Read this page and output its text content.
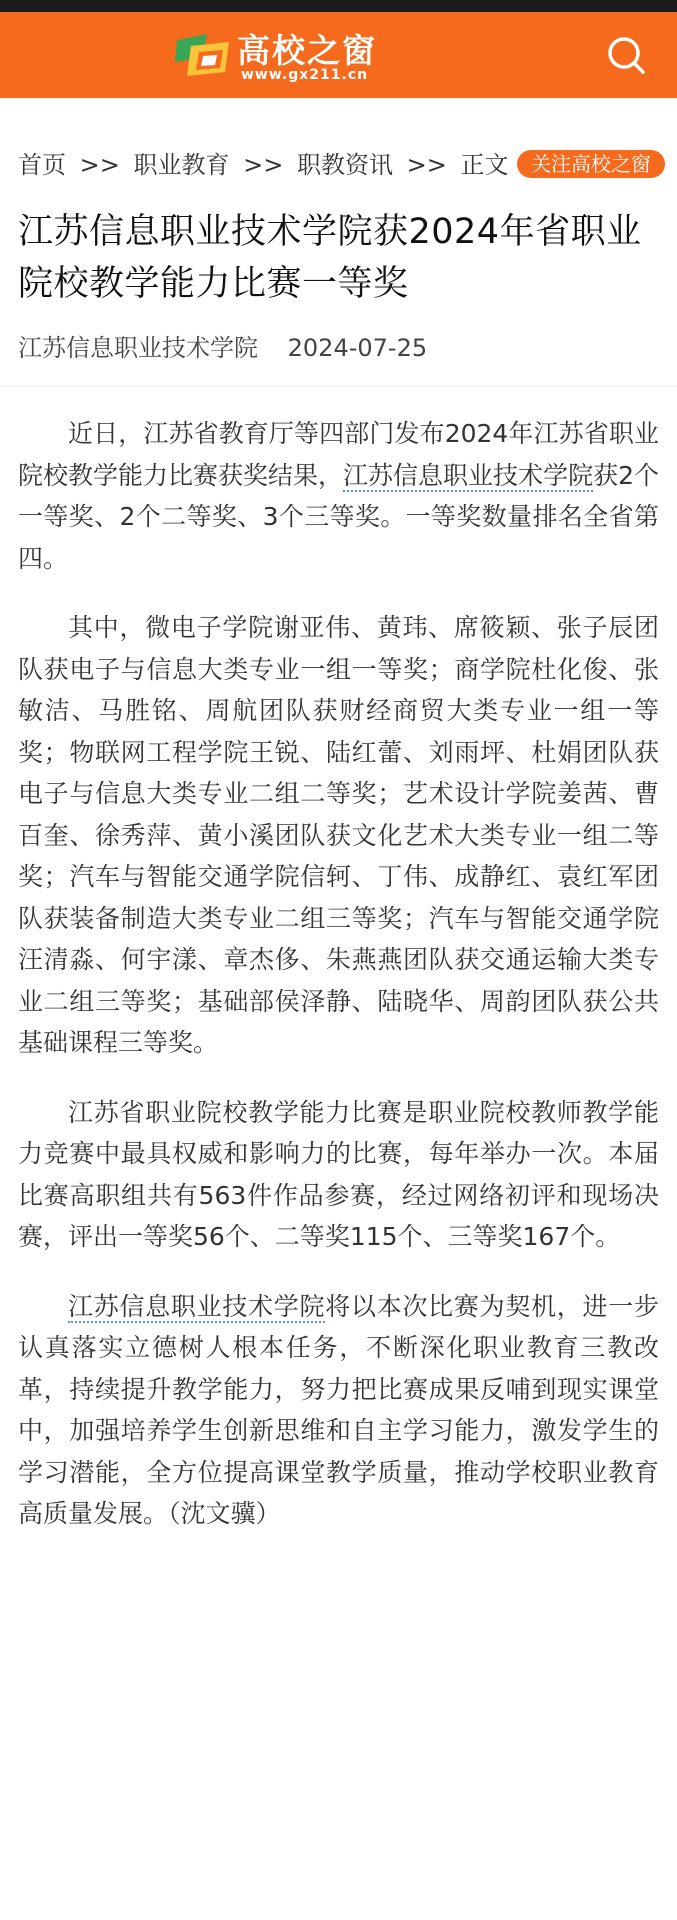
高校之窗
www.gx211.cn
首页 >> 职业教育 >> 职教资讯 >> 正文	关注高校之窗
江苏信息职业技术学院获2024年省职业院校教学能力比赛一等奖
江苏信息职业技术学院 2024-07-25

近日，江苏省教育厅等四部门发布2024年江苏省职业院校教学能力比赛获奖结果，江苏信息职业技术学院获2个一等奖、2个二等奖、3个三等奖。一等奖数量排名全省第四。

其中，微电子学院谢亚伟、黄玮、席筱颖、张子辰团队获电子与信息大类专业一组一等奖；商学院杜化俊、张敏洁、马胜铭、周航团队获财经商贸大类专业一组一等奖；物联网工程学院王锐、陆红蕾、刘雨坪、杜娟团队获电子与信息大类专业二组二等奖；艺术设计学院姜茜、曹百奎、徐秀萍、黄小溪团队获文化艺术大类专业一组二等奖；汽车与智能交通学院信轲、丁伟、成静红、袁红军团队获装备制造大类专业二组三等奖；汽车与智能交通学院汪清淼、何宇漾、章杰侈、朱燕燕团队获交通运输大类专业二组三等奖；基础部侯泽静、陆晓华、周韵团队获公共基础课程三等奖。

江苏省职业院校教学能力比赛是职业院校教师教学能力竞赛中最具权威和影响力的比赛，每年举办一次。本届比赛高职组共有563件作品参赛，经过网络初评和现场决赛，评出一等奖56个、二等奖115个、三等奖167个。

江苏信息职业技术学院将以本次比赛为契机，进一步认真落实立德树人根本任务，不断深化职业教育三教改革，持续提升教学能力，努力把比赛成果反哺到现实课堂中，加强培养学生创新思维和自主学习能力，激发学生的学习潜能，全方位提高课堂教学质量，推动学校职业教育高质量发展。（沈文骥）
